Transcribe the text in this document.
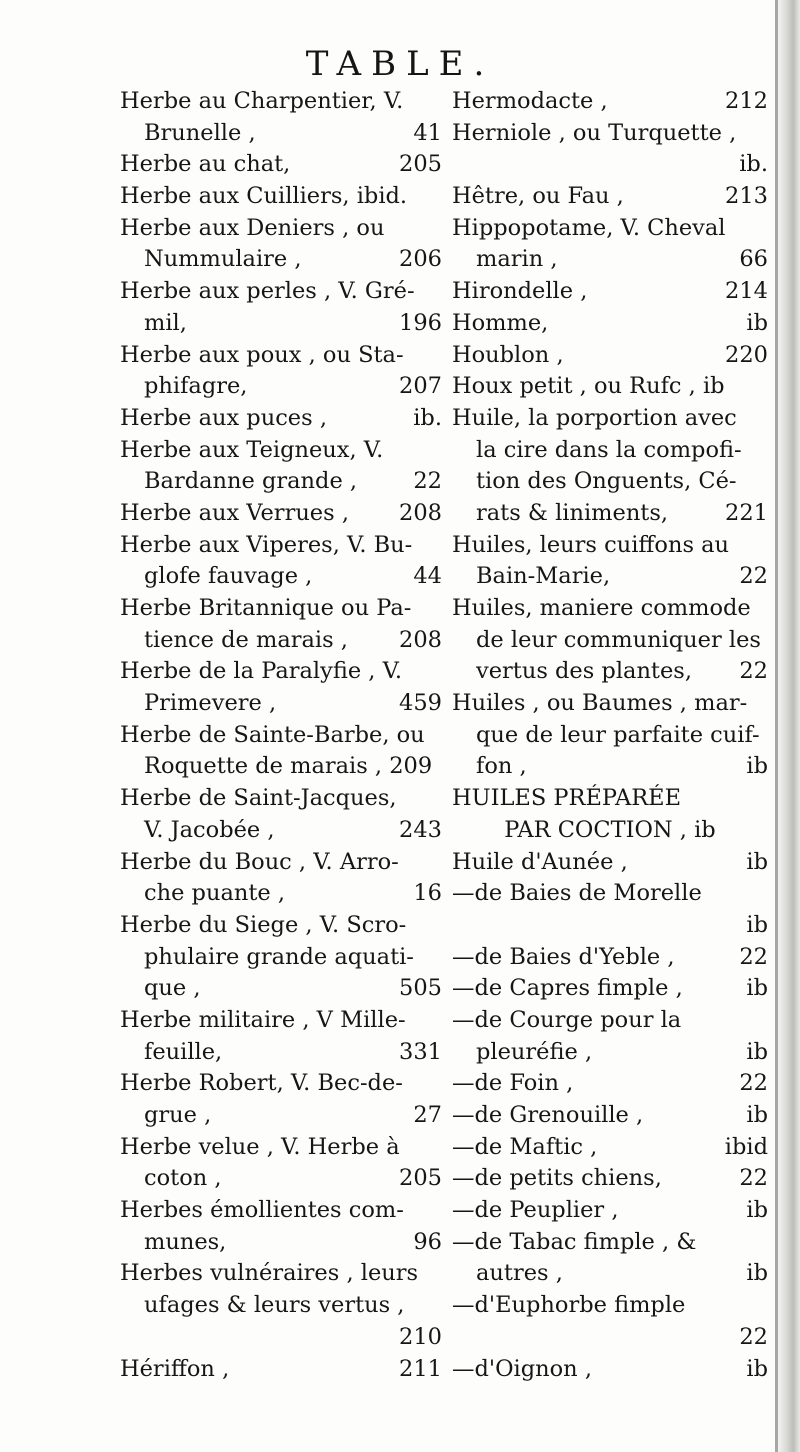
TABLE.
Herbe au Charpentier, V.
Brunelle ,	41
Herbe au chat,	205
Herbe aux Cuilliers, ibid.
Herbe aux Deniers , ou
Nummulaire ,	206
Herbe aux perles , V. Gré-
mil,	196
Herbe aux poux , ou Sta-
phifagre,	207
Herbe aux puces ,	ib.
Herbe aux Teigneux, V.
Bardanne grande ,	22
Herbe aux Verrues , 208
Herbe aux Viperes, V. Bu-
glofe fauvage ,	44
Herbe Britannique ou Pa-
tience de marais , 208
Herbe de la Paralyfie , V.
Primevere ,	459
Herbe de Sainte-Barbe, ou
Roquette de marais , 209
Herbe de Saint-Jacques,
V. Jacobée ,	243
Herbe du Bouc , V. Arro-
che puante ,	16
Herbe du Siege , V. Scro-
phulaire grande aquati-
que ,	505
Herbe militaire , V Mille-
feuille,	331
Herbe Robert, V. Bec-de-
grue ,	27
Herbe velue , V. Herbe à
coton ,	205
Herbes émollientes com-
munes,	96
Herbes vulnéraires , leurs
ufages & leurs vertus ,
210
Hériffon ,	211
Hermodacte ,	212
Herniole , ou Turquette ,
ib.
Hêtre, ou Fau ,	213
Hippopotame, V. Cheval
marin ,	66
Hirondelle ,	214
Homme,	ib
Houblon ,	220
Houx petit , ou Rufc , ib
Huile, la porportion avec
la cire dans la compofi-
tion des Onguents, Cé-
rats & liniments,	221
Huiles, leurs cuiffons au
Bain-Marie,	22
Huiles, maniere commode
de leur communiquer les
vertus des plantes, 22
Huiles , ou Baumes , mar-
que de leur parfaite cuif-
fon ,	ib
HUILES PRÉPARÉE
PAR COCTION , ib
Huile d'Aunée ,	ib
—de Baies de Morelle
ib
—de Baies d'Yeble ,	22
—de Capres fimple ,	ib
—de Courge pour la
pleuréfie ,	ib
—de Foin ,	22
—de Grenouille ,	ib
—de Maftic ,	ibid
—de petits chiens,	22
—de Peuplier ,	ib
—de Tabac fimple , &
autres ,	ib
—d'Euphorbe fimple
22
—d'Oignon ,	ib
